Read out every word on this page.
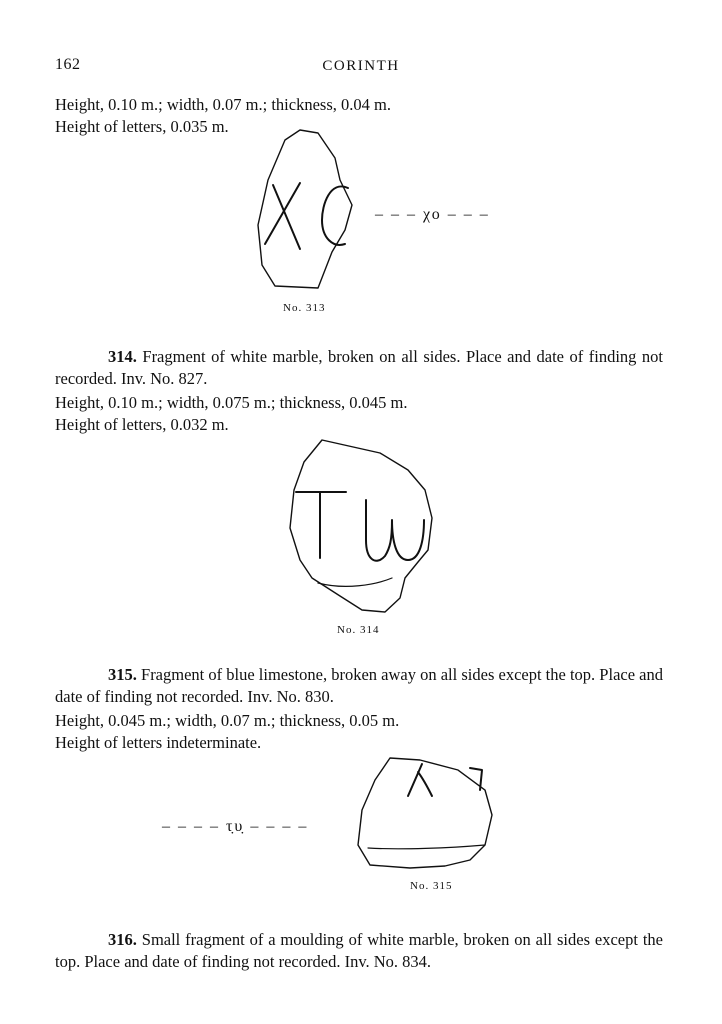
162	CORINTH
Height, 0.10 m.; width, 0.07 m.; thickness, 0.04 m.
Height of letters, 0.035 m.
– – – χο – – –
No. 313
314. Fragment of white marble, broken on all sides. Place and date of finding not recorded. Inv. No. 827.
Height, 0.10 m.; width, 0.075 m.; thickness, 0.045 m.
Height of letters, 0.032 m.
No. 314
315. Fragment of blue limestone, broken away on all sides except the top. Place and date of finding not recorded. Inv. No. 830.
Height, 0.045 m.; width, 0.07 m.; thickness, 0.05 m.
Height of letters indeterminate.
– – – – τ̣υ̣ – – – –
No. 315
316. Small fragment of a moulding of white marble, broken on all sides except the top. Place and date of finding not recorded. Inv. No. 834.
